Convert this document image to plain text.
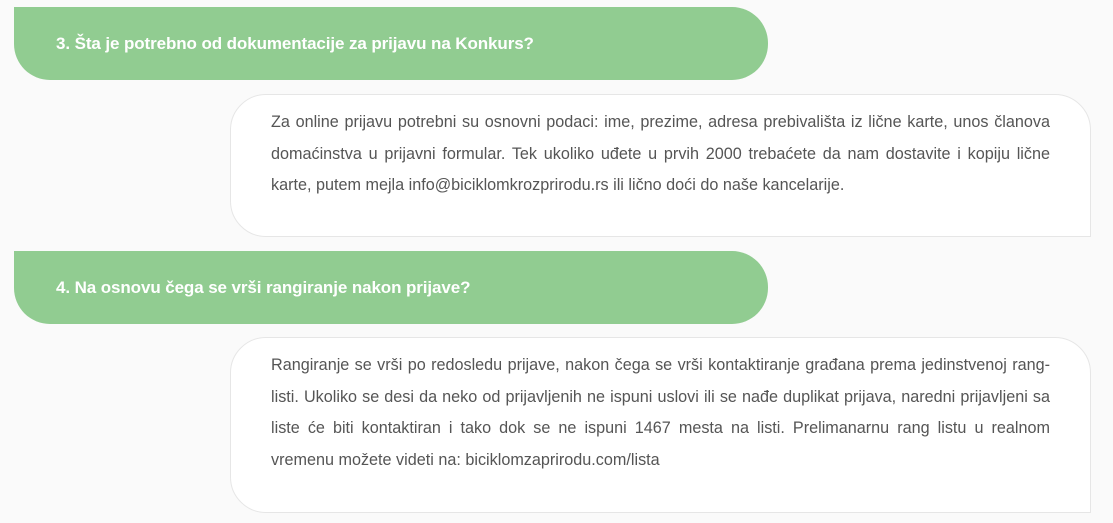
3. Šta je potrebno od dokumentacije za prijavu na Konkurs?

Za online prijavu potrebni su osnovni podaci: ime, prezime, adresa prebivališta iz lične karte, unos članova domaćinstva u prijavni formular. Tek ukoliko uđete u prvih 2000 trebaćete da nam dostavite i kopiju lične karte, putem mejla info@biciklomkrozprirodu.rs ili lično doći do naše kancelarije.

4. Na osnovu čega se vrši rangiranje nakon prijave?

Rangiranje se vrši po redosledu prijave, nakon čega se vrši kontaktiranje građana prema jedinstvenoj rang- listi. Ukoliko se desi da neko od prijavljenih ne ispuni uslovi ili se nađe duplikat prijava, naredni prijavljeni sa liste će biti kontaktiran i tako dok se ne ispuni 1467 mesta na listi. Prelimanarnu rang listu u realnom vremenu možete videti na: biciklomzaprirodu.com/lista
